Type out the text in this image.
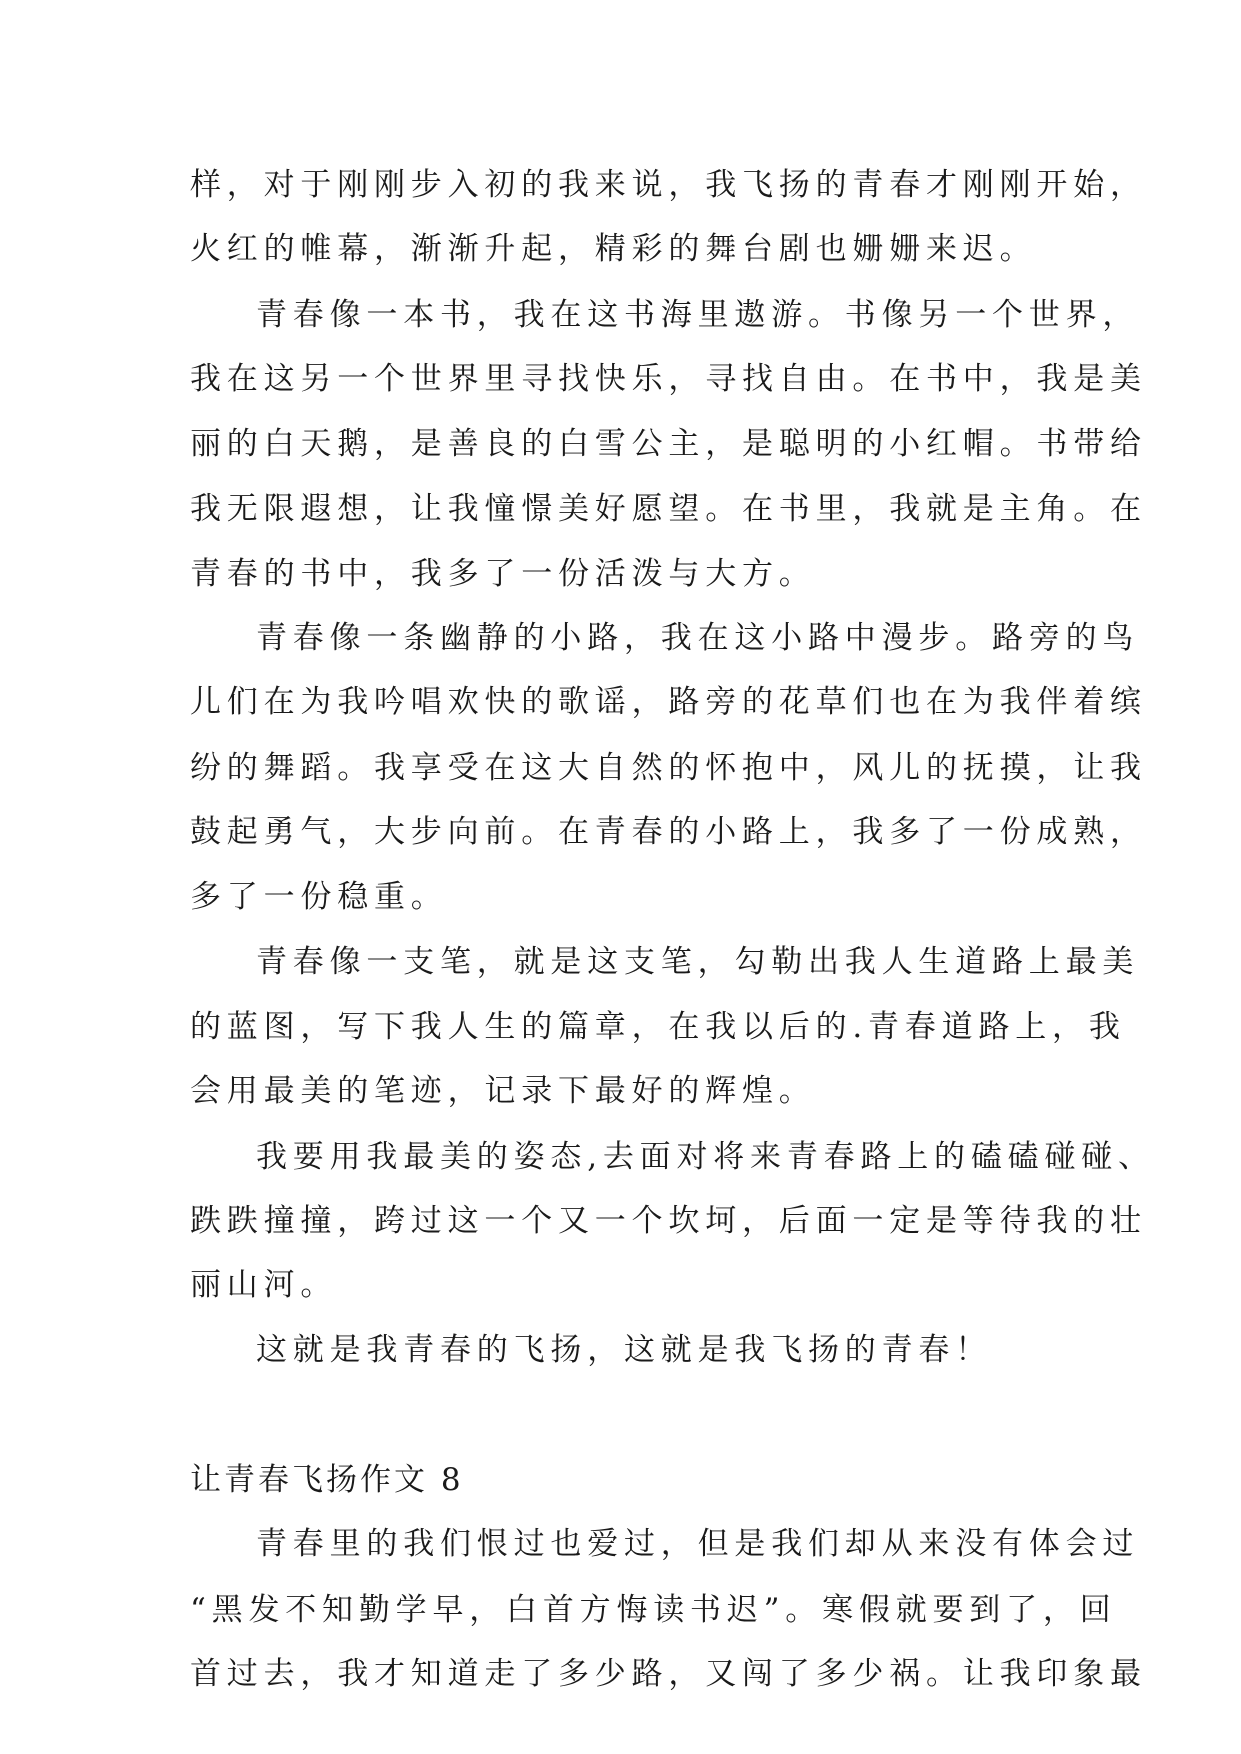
样，对于刚刚步入初的我来说，我飞扬的青春才刚刚开始，
火红的帷幕，渐渐升起，精彩的舞台剧也姗姗来迟。
青春像一本书，我在这书海里遨游。书像另一个世界，
我在这另一个世界里寻找快乐，寻找自由。在书中，我是美
丽的白天鹅，是善良的白雪公主，是聪明的小红帽。书带给
我无限遐想，让我憧憬美好愿望。在书里，我就是主角。在
青春的书中，我多了一份活泼与大方。
青春像一条幽静的小路，我在这小路中漫步。路旁的鸟
儿们在为我吟唱欢快的歌谣，路旁的花草们也在为我伴着缤
纷的舞蹈。我享受在这大自然的怀抱中，风儿的抚摸，让我
鼓起勇气，大步向前。在青春的小路上，我多了一份成熟，
多了一份稳重。
青春像一支笔，就是这支笔，勾勒出我人生道路上最美
的蓝图，写下我人生的篇章，在我以后的.青春道路上，我
会用最美的笔迹，记录下最好的辉煌。
我要用我最美的姿态,去面对将来青春路上的磕磕碰碰、
跌跌撞撞，跨过这一个又一个坎坷，后面一定是等待我的壮
丽山河。
这就是我青春的飞扬，这就是我飞扬的青春！
让青春飞扬作文 8
青春里的我们恨过也爱过，但是我们却从来没有体会过
“黑发不知勤学早，白首方悔读书迟”。寒假就要到了，回
首过去，我才知道走了多少路，又闯了多少祸。让我印象最
